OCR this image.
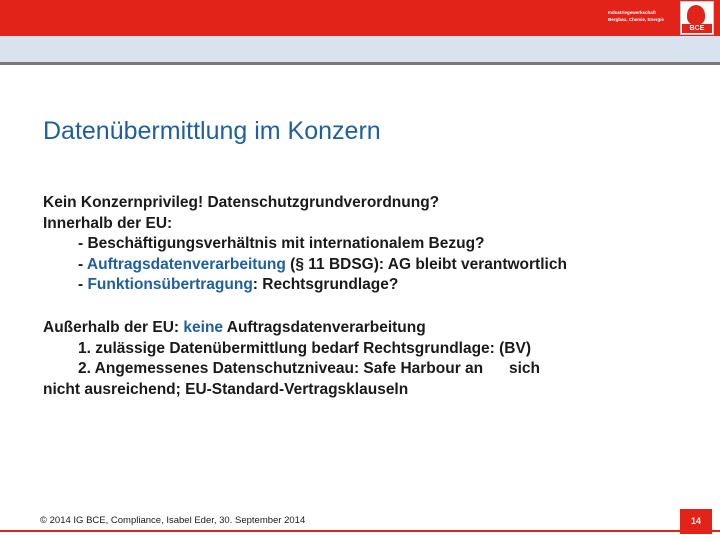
Industriegewerkschaft
Bergbau, Chemie, Energie
BCE
Datenübermittlung im Konzern
Kein Konzernprivileg! Datenschutzgrundverordnung?
Innerhalb der EU:
- Beschäftigungsverhältnis mit internationalem Bezug?
- Auftragsdatenverarbeitung (§ 11 BDSG): AG bleibt verantwortlich
- Funktionsübertragung: Rechtsgrundlage?
Außerhalb der EU: keine Auftragsdatenverarbeitung
1. zulässige Datenübermittlung bedarf Rechtsgrundlage: (BV)
2. Angemessenes Datenschutzniveau: Safe Harbour an      sich
nicht ausreichend; EU-Standard-Vertragsklauseln
© 2014 IG BCE, Compliance, Isabel Eder, 30. September 2014	14
